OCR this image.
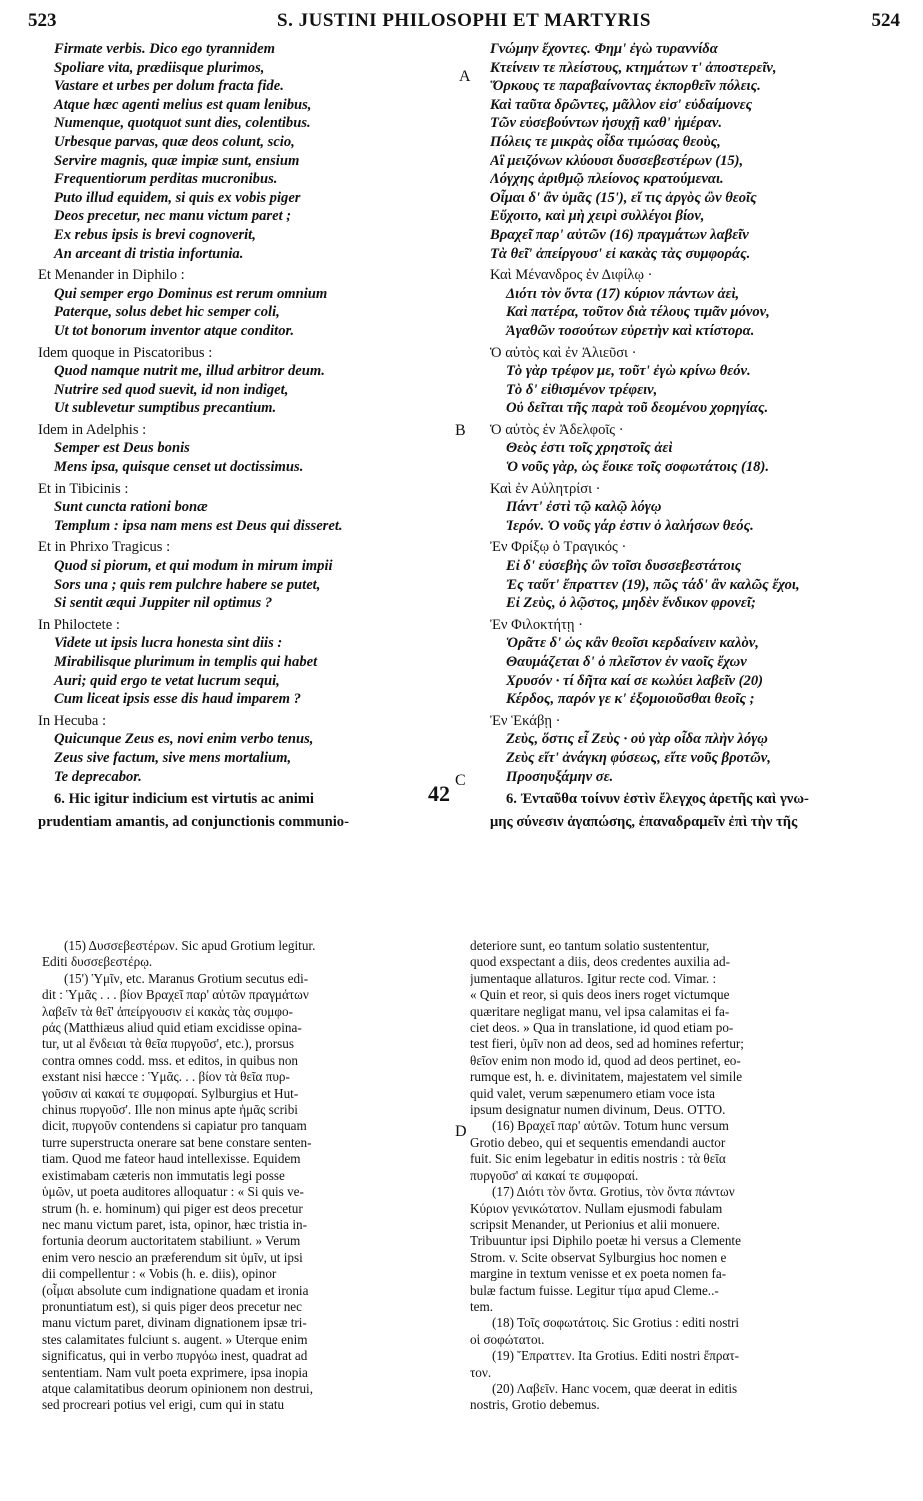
523	S. JUSTINI PHILOSOPHI ET MARTYRIS	524
42

Firmate verbis. Dico ego tyrannidem

Spoliare vita, prædiisque plurimos,

Vastare et urbes per dolum fracta fide.

Atque hæc agenti melius est quam lenibus,

Numenque, quotquot sunt dies, colentibus.

Urbesque parvas, quæ deos colunt, scio,

Servire magnis, quæ impiæ sunt, ensium

Frequentiorum perditas mucronibus.

Puto illud equidem, si quis ex vobis piger

Deos precetur, nec manu victum paret ;

Ex rebus ipsis is brevi cognoverit,

An arceant di tristia infortunia.

Et Menander in Diphilo :

Qui semper ergo Dominus est rerum omnium

Paterque, solus debet hic semper coli,

Ut tot bonorum inventor atque conditor.

Idem quoque in Piscatoribus :

Quod namque nutrit me, illud arbitror deum.

Nutrire sed quod suevit, id non indiget,

Ut sublevetur sumptibus precantium.

Idem in Adelphis :

Semper est Deus bonis

Mens ipsa, quisque censet ut doctissimus.

Et in Tibicinis :

Sunt cuncta rationi bonæ

Templum : ipsa nam mens est Deus qui disseret.

Et in Phrixo Tragicus :

Quod si piorum, et qui modum in mirum impii

Sors una ; quis rem pulchre habere se putet,

Si sentit æqui Juppiter nil optimus ?

In Philoctete :

Videte ut ipsis lucra honesta sint diis :

Mirabilisque plurimum in templis qui habet

Auri; quid ergo te vetat lucrum sequi,

Cum liceat ipsis esse dis haud imparem ?

In Hecuba :

Quicunque Zeus es, novi enim verbo tenus,

Zeus sive factum, sive mens mortalium,

Te deprecabor.

6. Hic igitur indicium est virtutis ac animi

prudentiam amantis, ad conjunctionis communio-

Γνώμην ἔχοντες. Φημ' ἐγὼ τυραννίδα

Κτείνειν τε πλείστους, κτημάτων τ' ἀποστερεῖν,

Ὅρκους τε παραβαίνοντας ἐκπορθεῖν πόλεις.

Καὶ ταῦτα δρῶντες, μᾶλλον εἰσ' εὐδαίμονες

Τῶν εὐσεβούντων ἡσυχῇ καθ' ἡμέραν.

Πόλεις τε μικρὰς οἶδα τιμώσας θεοὺς,

Αἳ μειζόνων κλύουσι δυσσεβεστέρων (15),

Λόγχης ἀριθμῷ πλείονος κρατούμεναι.

Οἶμαι δ' ἂν ὑμᾶς (15'), εἴ τις ἀργὸς ὢν θεοῖς

Εὔχοιτο, καὶ μὴ χειρὶ συλλέγοι βίον,

Βραχεῖ παρ' αὐτῶν (16) πραγμάτων λαβεῖν

Τὰ θεῖ' ἀπείργουσ' εἰ κακὰς τὰς συμφοράς.

Καὶ Μένανδρος ἐν Διφίλῳ ·

Διότι τὸν ὄντα (17) κύριον πάντων ἀεὶ,

Καὶ πατέρα, τοῦτον διὰ τέλους τιμᾶν μόνον,

Ἀγαθῶν τοσούτων εὑρετὴν καὶ κτίστορα.

Ὁ αὐτὸς καὶ ἐν Ἁλιεῦσι ·

Τὸ γὰρ τρέφον με, τοῦτ' ἐγὼ κρίνω θεόν.

Τὸ δ' εἰθισμένον τρέφειν,

Οὐ δεῖται τῆς παρὰ τοῦ δεομένου χορηγίας.

Ὁ αὐτὸς ἐν Ἀδελφοῖς ·

Θεὸς ἐστι τοῖς χρηστοῖς ἀεὶ

Ὁ νοῦς γὰρ, ὡς ἔοικε τοῖς σοφωτάτοις (18).

Καὶ ἐν Αὐλητρίσι ·

Πάντ' ἐστὶ τῷ καλῷ λόγῳ

Ἱερόν. Ὁ νοῦς γάρ ἐστιν ὁ λαλήσων θεός.

Ἐν Φρίξῳ ὁ Τραγικός ·

Εἰ δ' εὐσεβὴς ὢν τοῖσι δυσσεβεστάτοις

Ἐς ταὔτ' ἔπραττεν (19), πῶς τάδ' ἂν καλῶς ἔχοι,

Εἰ Ζεὺς, ὁ λῷστος, μηδὲν ἔνδικον φρονεῖ;

Ἐν Φιλοκτήτῃ ·

Ὁρᾶτε δ' ὡς κἂν θεοῖσι κερδαίνειν καλὸν,

Θαυμάζεται δ' ὁ πλεῖστον ἐν ναοῖς ἔχων

Χρυσόν · τί δῆτα καί σε κωλύει λαβεῖν (20)

Κέρδος, παρόν γε κ' ἐξομοιοῦσθαι θεοῖς ;

Ἐν Ἑκάβῃ ·

Ζεὺς, ὅστις εἶ Ζεὺς · οὐ γὰρ οἶδα πλὴν λόγῳ

Ζεὺς εἴτ' ἀνάγκη φύσεως, εἴτε νοῦς βροτῶν,

Προσηυξάμην σε.

6. Ἐνταῦθα τοίνυν ἐστὶν ἔλεγχος ἀρετῆς καὶ γνω-

μης σύνεσιν ἀγαπώσης, ἐπαναδραμεῖν ἐπὶ τὴν τῆς

A
B
C
D

(15) Δυσσεβεστέρων. Sic apud Grotium legitur.

Editi δυσσεβεστέρῳ.

(15') Ὑμῖν, etc. Maranus Grotium secutus edi-

dit : Ὑμᾶς . . . βίον Βραχεῖ παρ' αὐτῶν πραγμάτων

λαβεῖν τὰ θεῖ' ἀπείργουσιν εἰ κακὰς τὰς συμφο-

ράς (Matthiæus aliud quid etiam excidisse opina-

tur, ut al ἔνδειαι τὰ θεῖα πυργοῦσ', etc.), prorsus

contra omnes codd. mss. et editos, in quibus non

exstant nisi hæcce : Ὑμᾶς. . . βίον τὰ θεῖα πυρ-

γοῦσιν αἱ κακαί τε συμφοραί. Sylburgius et Hut-

chinus πυργοῦσ'. Ille non minus apte ἡμᾶς scribi

dicit, πυργοῦν contendens si capiatur pro tanquam

turre superstructa onerare sat bene constare senten-

tiam. Quod me fateor haud intellexisse. Equidem

existimabam cæteris non immutatis legi posse

ὑμῶν, ut poeta auditores alloquatur : « Si quis ve-

strum (h. e. hominum) qui piger est deos precetur

nec manu victum paret, ista, opinor, hæc tristia in-

fortunia deorum auctoritatem stabiliunt. » Verum

enim vero nescio an præferendum sit ὑμῖν, ut ipsi

dii compellentur : « Vobis (h. e. diis), opinor

(οἶμαι absolute cum indignatione quadam et ironia

pronuntiatum est), si quis piger deos precetur nec

manu victum paret, divinam dignationem ipsæ tri-

stes calamitates fulciunt s. augent. » Uterque enim

significatus, qui in verbo πυργόω inest, quadrat ad

sententiam. Nam vult poeta exprimere, ipsa inopia

atque calamitatibus deorum opinionem non destrui,

sed procreari potius vel erigi, cum qui in statu

deteriore sunt, eo tantum solatio sustententur,

quod exspectant a diis, deos credentes auxilia ad-

jumentaque allaturos. Igitur recte cod. Vimar. :

« Quin et reor, si quis deos iners roget victumque

quæritare negligat manu, vel ipsa calamitas ei fa-

ciet deos. » Qua in translatione, id quod etiam po-

test fieri, ὑμῖν non ad deos, sed ad homines refertur;

θεῖον enim non modo id, quod ad deos pertinet, eo-

rumque est, h. e. divinitatem, majestatem vel simile

quid valet, verum sæpenumero etiam voce ista

ipsum designatur numen divinum, Deus. OTTO.

(16) Βραχεῖ παρ' αὐτῶν. Totum hunc versum

Grotio debeo, qui et sequentis emendandi auctor

fuit. Sic enim legebatur in editis nostris : τὰ θεῖα

πυργοῦσ' αἱ κακαί τε συμφοραί.

(17) Διότι τὸν ὄντα. Grotius, τὸν ὄντα πάντων

Κύριον γενικώτατον. Nullam ejusmodi fabulam

scripsit Menander, ut Perionius et alii monuere.

Tribuuntur ipsi Diphilo poetæ hi versus a Clemente

Strom. v. Scite observat Sylburgius hoc nomen e

margine in textum venisse et ex poeta nomen fa-

bulæ factum fuisse. Legitur τίμα apud Cleme..-

tem.

(18) Τοῖς σοφωτάτοις. Sic Grotius : editi nostri

οἱ σοφώτατοι.

(19) Ἔπραττεν. Ita Grotius. Editi nostri ἔπρατ-

τον.

(20) Λαβεῖν. Hanc vocem, quæ deerat in editis

nostris, Grotio debemus.
